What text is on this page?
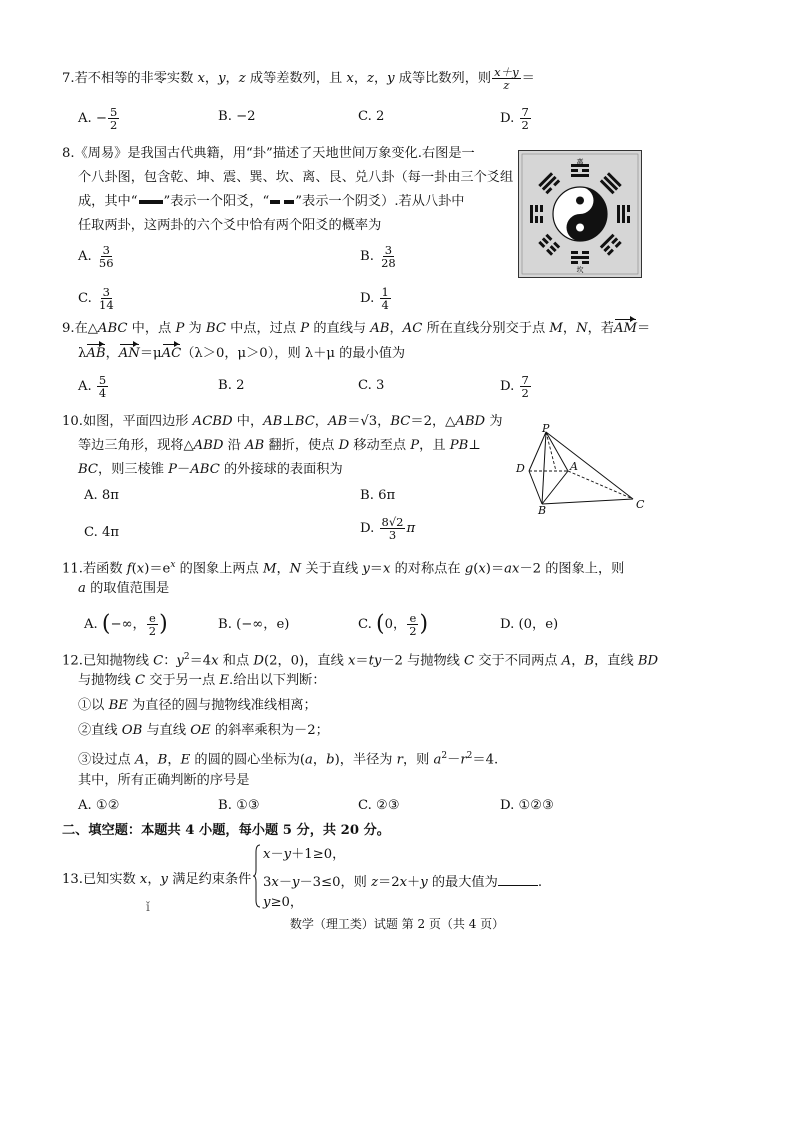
7.若不相等的非零实数 x，y，z 成等差数列，且 x，z，y 成等比数列，则 $\frac{x+y}{z}$ ＝
A. − $\frac{5}{2}$	B. −2	C. 2	D. $\frac{7}{2}$
8.《周易》是我国古代典籍，用“卦”描述了天地世间万象变化.右图是一
个八卦图，包含乾、坤、震、巽、坎、离、艮、兑八卦（每一卦由三个爻组
成，其中“ ”表示一个阳爻，“ ”表示一个阴爻）.若从八卦中
任取两卦，这两卦的六个爻中恰有两个阳爻的概率为
A. $\frac{3}{56}$	B. $\frac{3}{28}$
C. $\frac{3}{14}$	D. $\frac{1}{4}$
离
坎
9.在△ABC 中，点 P 为 BC 中点，过点 P 的直线与 AB，AC 所在直线分别交于点 M，N，若AM＝
λAB，AN＝μAC（λ＞0，μ＞0），则 λ＋μ 的最小值为
A. $\frac{5}{4}$	B. 2	C. 3	D. $\frac{7}{2}$
10.如图，平面四边形 ACBD 中，AB⊥BC，AB＝√3，BC＝2，△ABD 为
等边三角形，现将△ABD 沿 AB 翻折，使点 D 移动至点 P，且 PB⊥
BC，则三棱锥 P－ABC 的外接球的表面积为
A. 8π	B. 6π
C. 4π	D. $\frac{8√2}{3}$ π
P
D	A
B	C
11.若函数 $f(x)=e^x$ 的图象上两点 M，N 关于直线 y＝x 的对称点在 g(x)＝ax－2 的图象上，则
a 的取值范围是
A. (−∞， $\frac{e}{2}$ )	B. (−∞，e)	C. (0， $\frac{e}{2}$ )	D. (0，e)
12.已知抛物线 C：$y^2=4x$ 和点 D(2，0)，直线 x＝ty－2 与抛物线 C 交于不同两点 A，B，直线 BD
与抛物线 C 交于另一点 E.给出以下判断：
①以 BE 为直径的圆与抛物线准线相离；
②直线 OB 与直线 OE 的斜率乘积为－2；
③设过点 A，B，E 的圆的圆心坐标为(a，b)，半径为 r，则 $a^2-r^2=4$.
其中，所有正确判断的序号是
A. ①②	B. ①③	C. ②③	D. ①②③
二、填空题：本题共 4 小题，每小题 5 分，共 20 分。
13.已知实数 x，y 满足约束条件
x－y＋1≥0，
3x－y－3≤0，则 z＝2x＋y 的最大值为	.
y≥0，
ǐ
数学（理工类）试题 第 2 页（共 4 页）
